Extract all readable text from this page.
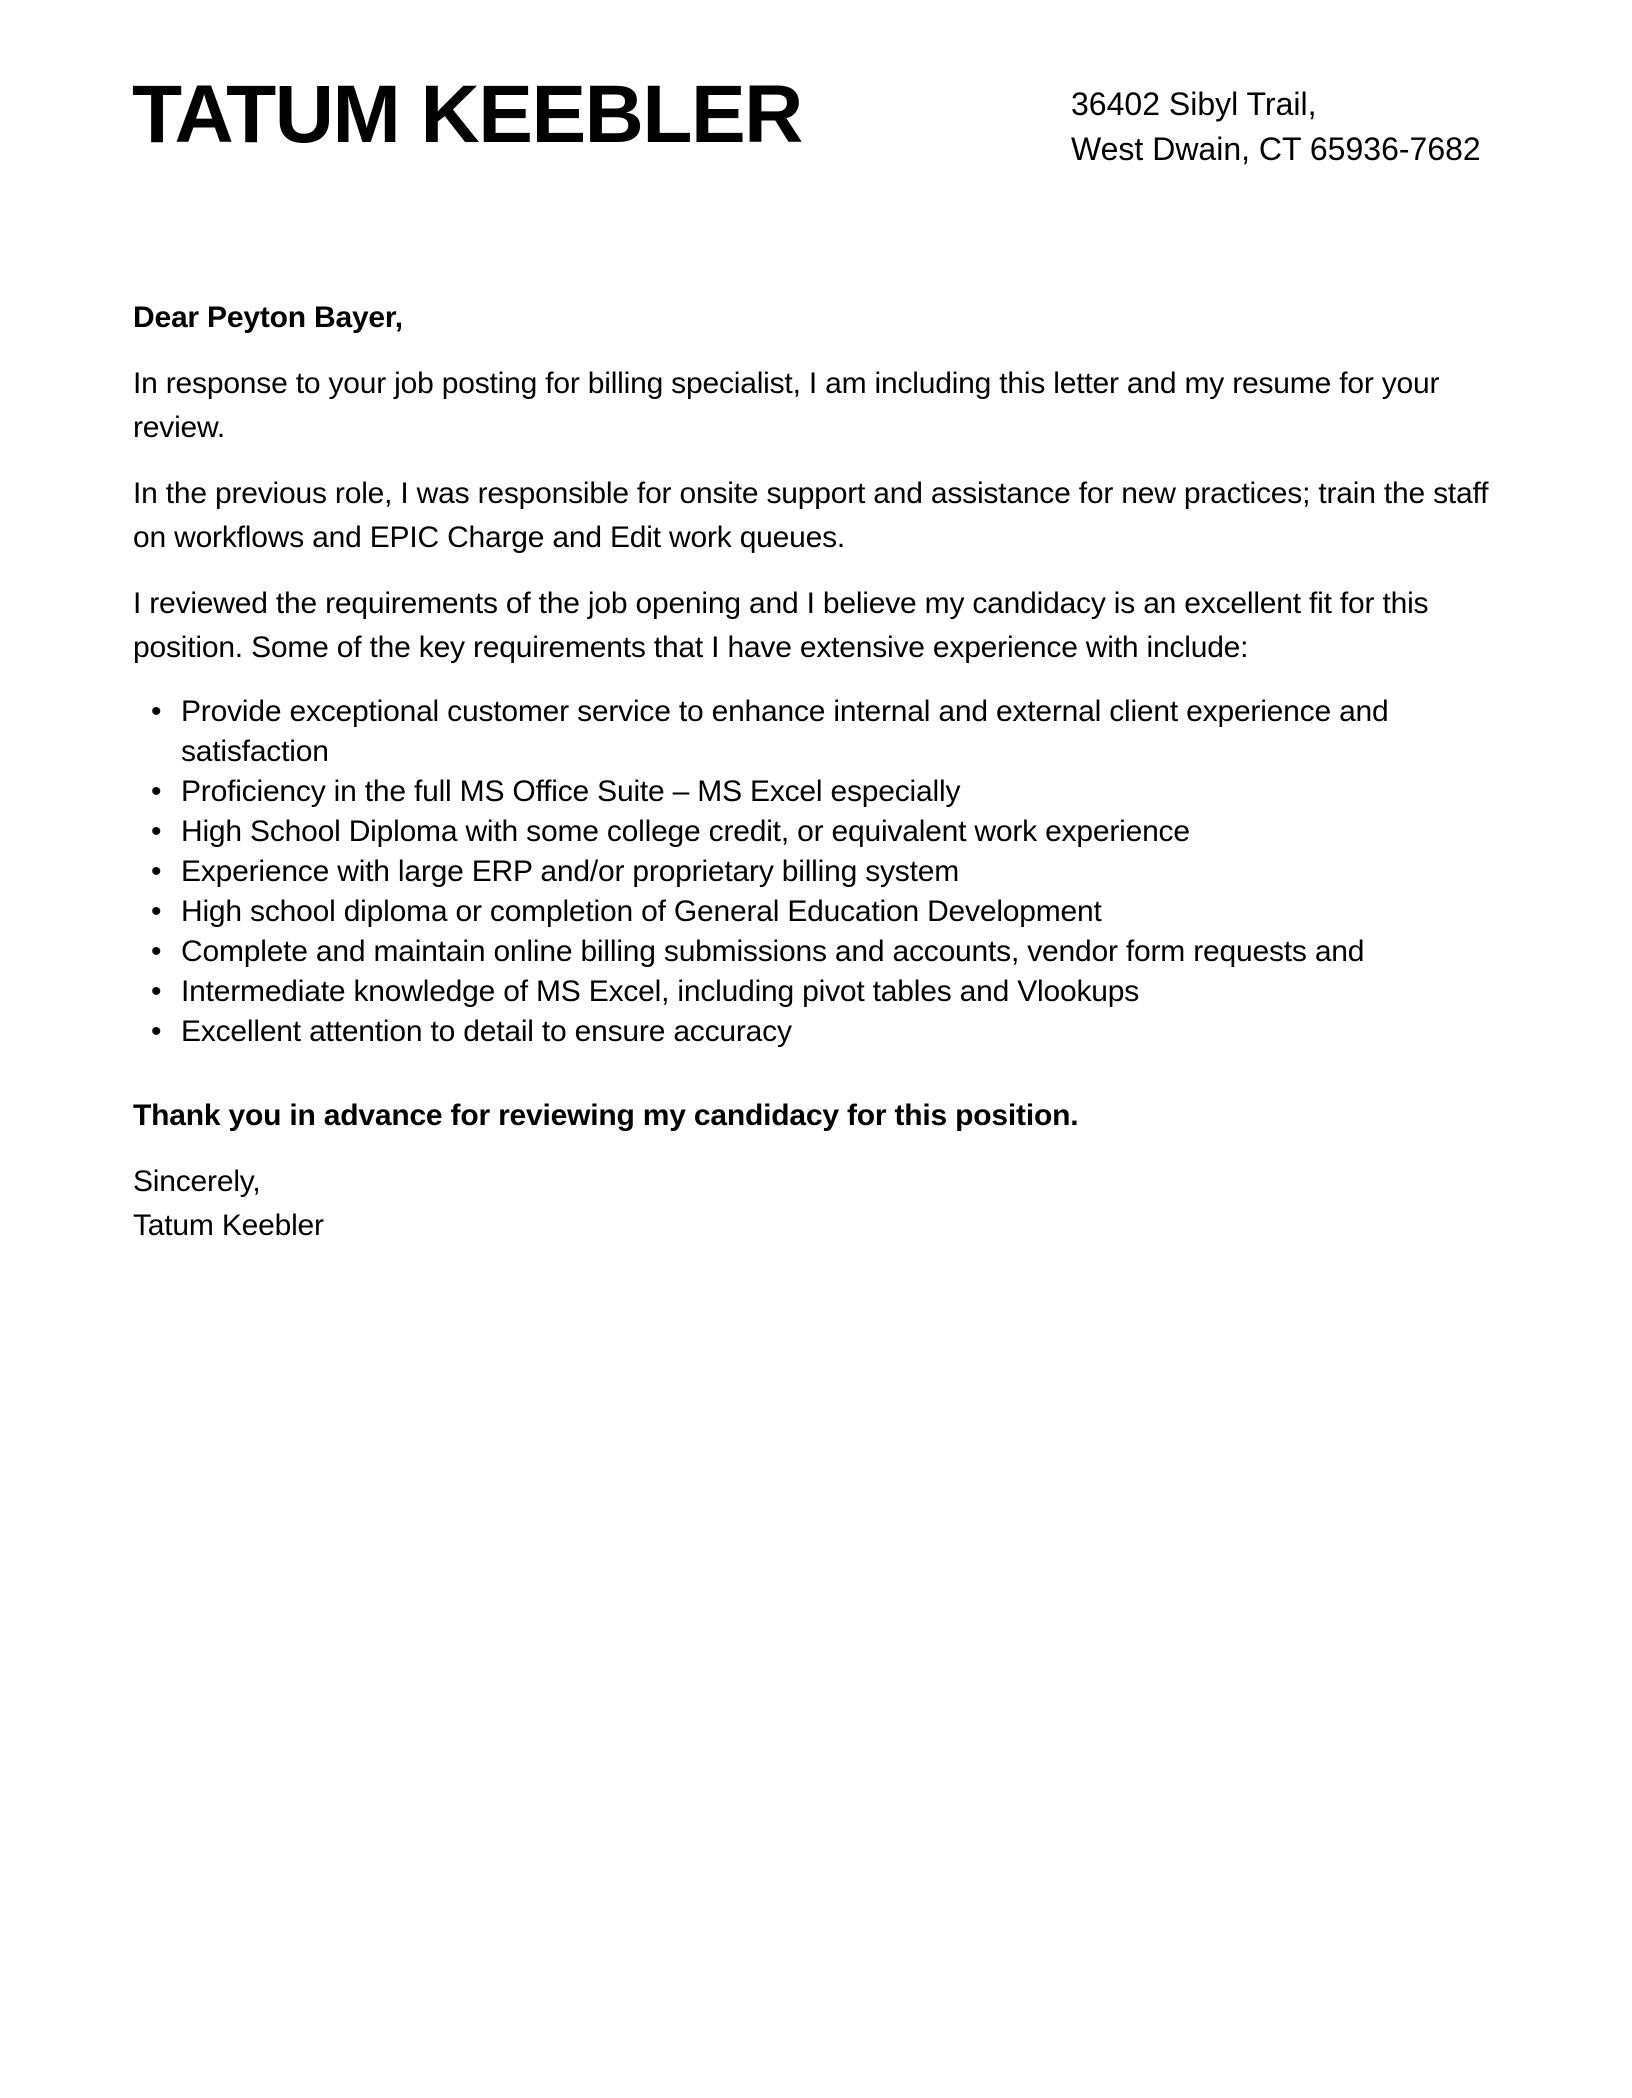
TATUM KEEBLER	36402 Sibyl Trail,
West Dwain, CT 65936-7682

Dear Peyton Bayer,

In response to your job posting for billing specialist, I am including this letter and my resume for your review.

In the previous role, I was responsible for onsite support and assistance for new practices; train the staff on workflows and EPIC Charge and Edit work queues.

I reviewed the requirements of the job opening and I believe my candidacy is an excellent fit for this position. Some of the key requirements that I have extensive experience with include:

• Provide exceptional customer service to enhance internal and external client experience and satisfaction
• Proficiency in the full MS Office Suite – MS Excel especially
• High School Diploma with some college credit, or equivalent work experience
• Experience with large ERP and/or proprietary billing system
• High school diploma or completion of General Education Development
• Complete and maintain online billing submissions and accounts, vendor form requests and
• Intermediate knowledge of MS Excel, including pivot tables and Vlookups
• Excellent attention to detail to ensure accuracy

Thank you in advance for reviewing my candidacy for this position.

Sincerely,

Tatum Keebler
